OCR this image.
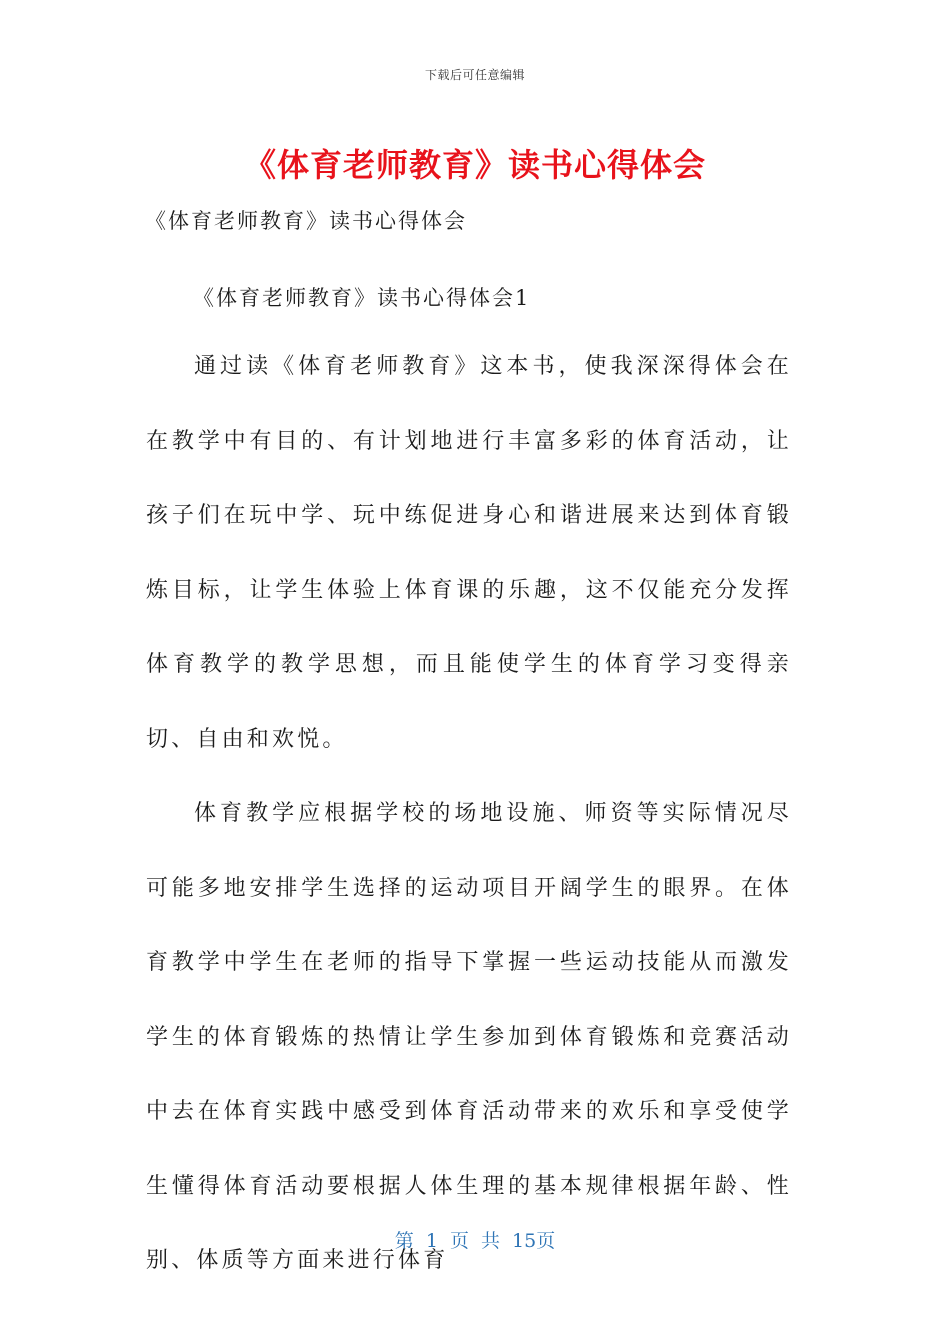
下载后可任意编辑
《体育老师教育》读书心得体会
《体育老师教育》读书心得体会
《体育老师教育》读书心得体会1

通过读《体育老师教育》这本书，使我深深得体会在在教学中有目的、有计划地进行丰富多彩的体育活动，让孩子们在玩中学、玩中练促进身心和谐进展来达到体育锻炼目标，让学生体验上体育课的乐趣，这不仅能充分发挥体育教学的教学思想，而且能使学生的体育学习变得亲切、自由和欢悦。

体育教学应根据学校的场地设施、师资等实际情况尽可能多地安排学生选择的运动项目开阔学生的眼界。在体育教学中学生在老师的指导下掌握一些运动技能从而激发学生的体育锻炼的热情让学生参加到体育锻炼和竞赛活动中去在体育实践中感受到体育活动带来的欢乐和享受使学生懂得体育活动要根据人体生理的基本规律根据年龄、性别、体质等方面来进行体育

第 1 页 共 15页
